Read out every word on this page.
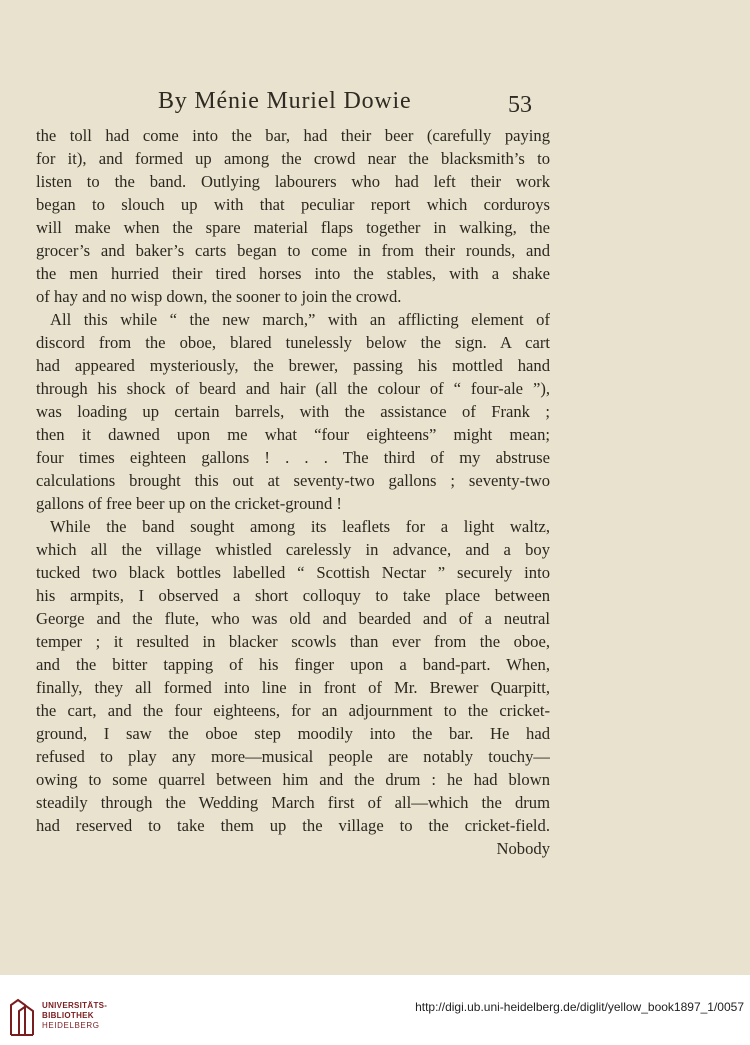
By Ménie Muriel Dowie	53
the toll had come into the bar, had their beer (carefully paying
for it), and formed up among the crowd near the blacksmith’s to
listen to the band. Outlying labourers who had left their work
began to slouch up with that peculiar report which corduroys
will make when the spare material flaps together in walking, the
grocer’s and baker’s carts began to come in from their rounds, and
the men hurried their tired horses into the stables, with a shake
of hay and no wisp down, the sooner to join the crowd.
All this while “ the new march,” with an afflicting element of
discord from the oboe, blared tunelessly below the sign. A cart
had appeared mysteriously, the brewer, passing his mottled hand
through his shock of beard and hair (all the colour of “ four-ale ”),
was loading up certain barrels, with the assistance of Frank ;
then it dawned upon me what “four eighteens” might mean;
four times eighteen gallons ! . . . The third of my abstruse
calculations brought this out at seventy-two gallons ; seventy-two
gallons of free beer up on the cricket-ground !
While the band sought among its leaflets for a light waltz,
which all the village whistled carelessly in advance, and a boy
tucked two black bottles labelled “ Scottish Nectar ” securely into
his armpits, I observed a short colloquy to take place between
George and the flute, who was old and bearded and of a neutral
temper ; it resulted in blacker scowls than ever from the oboe,
and the bitter tapping of his finger upon a band-part. When,
finally, they all formed into line in front of Mr. Brewer Quarpitt,
the cart, and the four eighteens, for an adjournment to the cricket-
ground, I saw the oboe step moodily into the bar. He had
refused to play any more—musical people are notably touchy—
owing to some quarrel between him and the drum : he had blown
steadily through the Wedding March first of all—which the drum
had reserved to take them up the village to the cricket-field.
Nobody
UNIVERSITÄTS-
BIBLIOTHEK
HEIDELBERG
http://digi.ub.uni-heidelberg.de/diglit/yellow_book1897_1/0057
